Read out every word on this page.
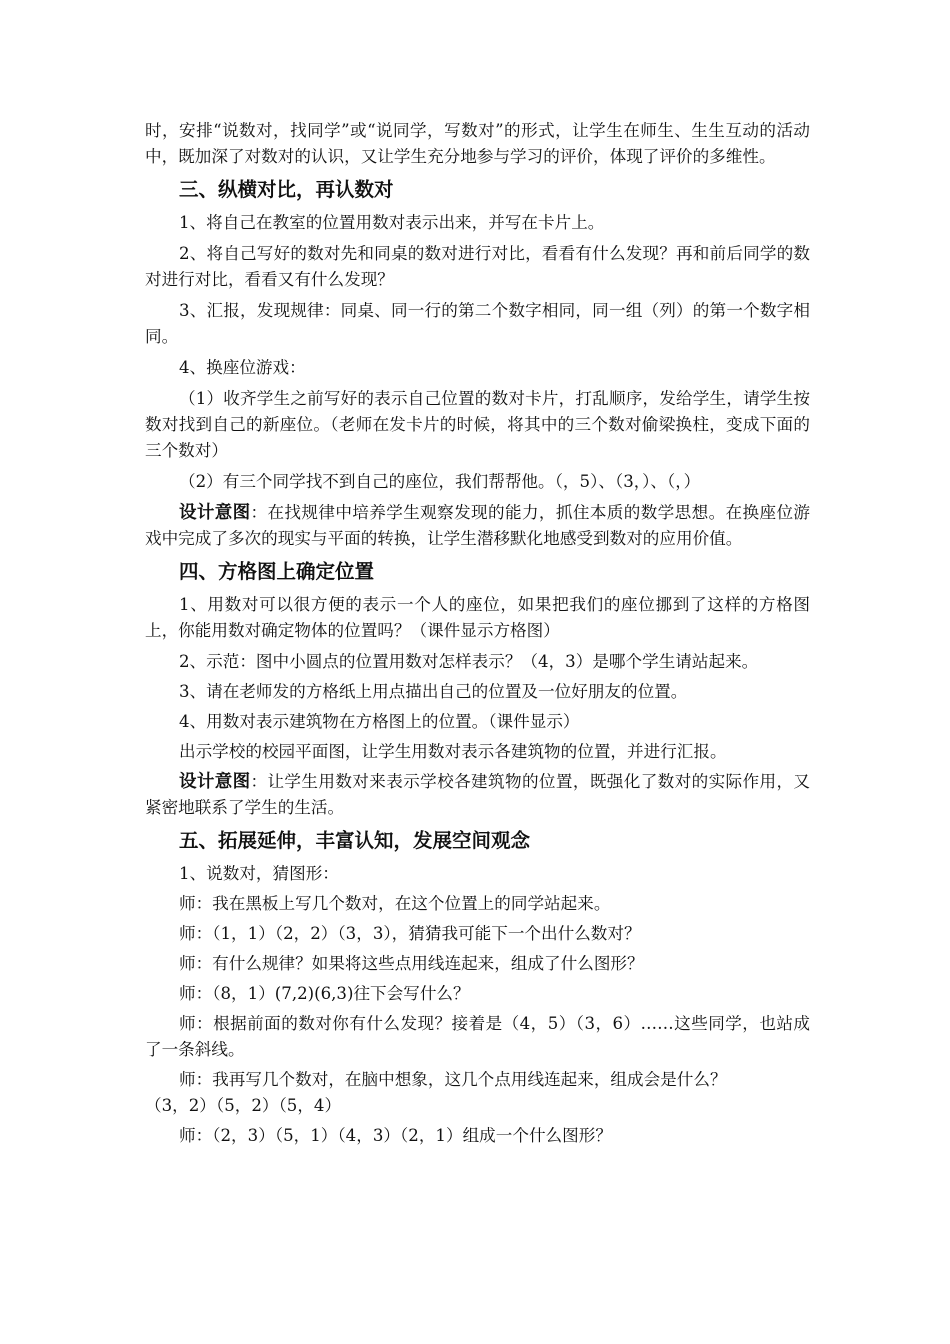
时，安排“说数对，找同学”或“说同学，写数对”的形式，让学生在师生、生生互动的活动中，既加深了对数对的认识，又让学生充分地参与学习的评价，体现了评价的多维性。

三、纵横对比，再认数对

1、将自己在教室的位置用数对表示出来，并写在卡片上。

2、将自己写好的数对先和同桌的数对进行对比，看看有什么发现？再和前后同学的数对进行对比，看看又有什么发现？

3、汇报，发现规律：同桌、同一行的第二个数字相同，同一组（列）的第一个数字相同。

4、换座位游戏：

（1）收齐学生之前写好的表示自己位置的数对卡片，打乱顺序，发给学生，请学生按数对找到自己的新座位。（老师在发卡片的时候，将其中的三个数对偷梁换柱，变成下面的三个数对）

（2）有三个同学找不到自己的座位，我们帮帮他。（，5）、（3，）、（，）

设计意图：在找规律中培养学生观察发现的能力，抓住本质的数学思想。在换座位游戏中完成了多次的现实与平面的转换，让学生潜移默化地感受到数对的应用价值。

四、方格图上确定位置

1、用数对可以很方便的表示一个人的座位，如果把我们的座位挪到了这样的方格图上，你能用数对确定物体的位置吗？（课件显示方格图）

2、示范：图中小圆点的位置用数对怎样表示？（4，3）是哪个学生请站起来。

3、请在老师发的方格纸上用点描出自己的位置及一位好朋友的位置。

4、用数对表示建筑物在方格图上的位置。（课件显示）

出示学校的校园平面图，让学生用数对表示各建筑物的位置，并进行汇报。

设计意图：让学生用数对来表示学校各建筑物的位置，既强化了数对的实际作用，又紧密地联系了学生的生活。

五、拓展延伸，丰富认知，发展空间观念

1、说数对，猜图形：

师：我在黑板上写几个数对，在这个位置上的同学站起来。

师：（1，1）（2，2）（3，3），猜猜我可能下一个出什么数对？

师：有什么规律？如果将这些点用线连起来，组成了什么图形？

师：（8，1）(7,2)(6,3)往下会写什么？

师：根据前面的数对你有什么发现？接着是（4，5）（3，6）……这些同学，也站成了一条斜线。

师：我再写几个数对，在脑中想象，这几个点用线连起来，组成会是什么？

（3，2）（5，2）（5，4）

师：（2，3）（5，1）（4，3）（2，1）组成一个什么图形？
